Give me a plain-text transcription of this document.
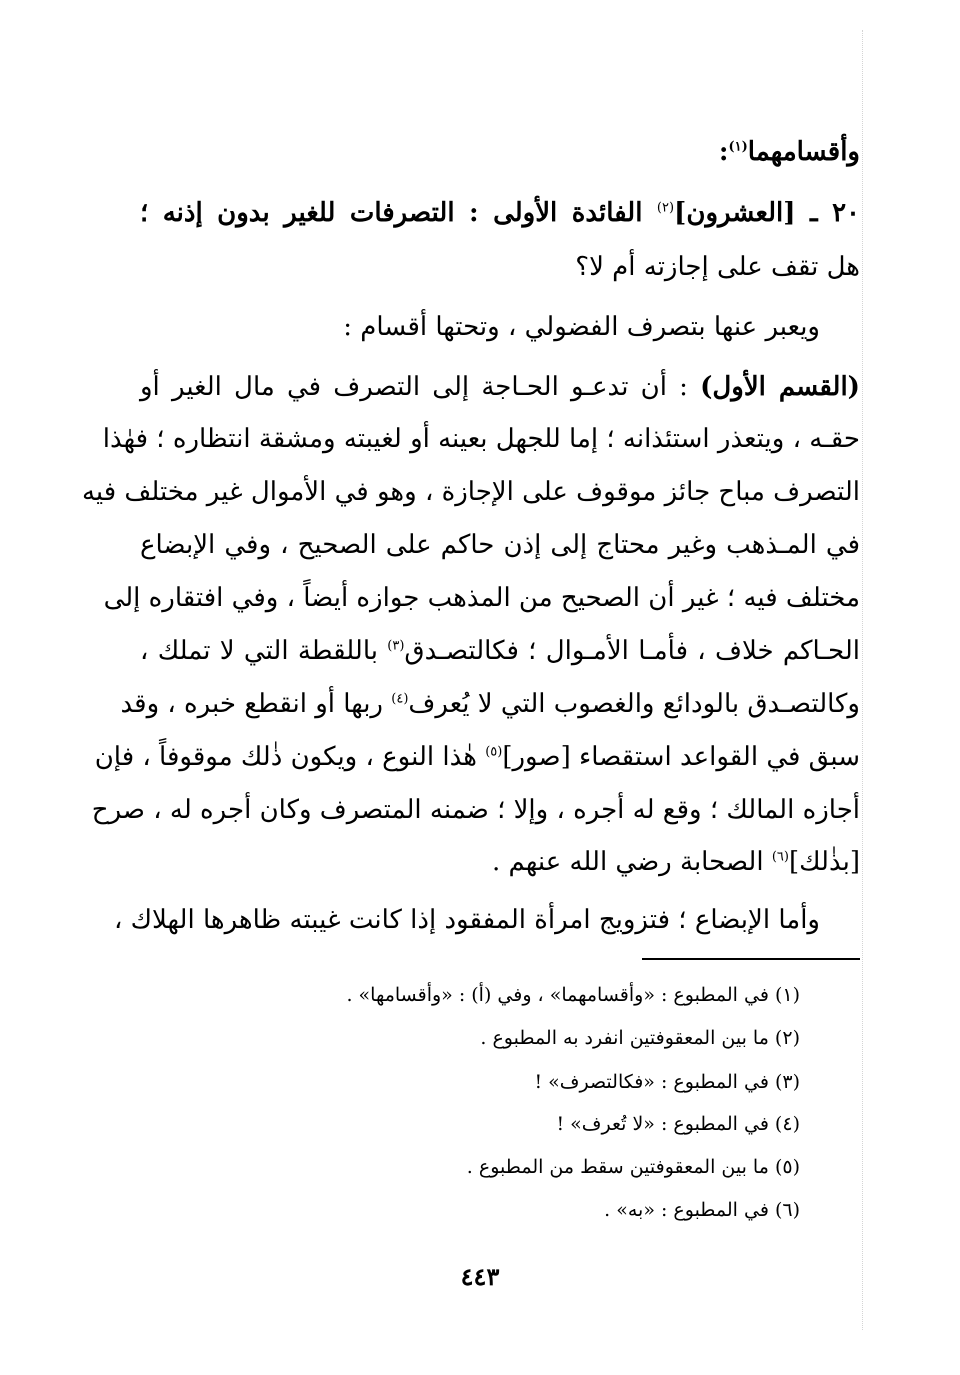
وأقسامهما$^{(١)}$:
٢٠ ـ [العشرون]$^{(٢)}$ الفائدة الأولى : التصرفات للغير بدون إذنه ؛
هل تقف على إجازته أم لا؟
ويعبر عنها بتصرف الفضولي ، وتحتها أقسام :
(القسم الأول) : أن تدعـو الحـاجة إلى التصرف في مال الغير أو
حقـه ، ويتعذر استئذانه ؛ إما للجهل بعينه أو لغيبته ومشقة انتظاره ؛ فهٰذا
التصرف مباح جائز موقوف على الإجازة ، وهو في الأموال غير مختلف فيه
في المـذهب وغير محتاج إلى إذن حاكم على الصحيح ، وفي الإبضاع
مختلف فيه ؛ غير أن الصحيح من المذهب جوازه أيضاً ، وفي افتقاره إلى
الحـاكم خلاف ، فأمـا الأمـوال ؛ فكالتصـدق$^{(٣)}$ باللقطة التي لا تملك ،
وكالتصـدق بالودائع والغصوب التي لا يُعرف$^{(٤)}$ ربها أو انقطع خبره ، وقد
سبق في القواعد استقصاء [صور]$^{(٥)}$ هٰذا النوع ، ويكون ذٰلك موقوفاً ، فإن
أجازه المالك ؛ وقع له أجره ، وإلا ؛ ضمنه المتصرف وكان أجره له ، صرح
[بذٰلك]$^{(٦)}$ الصحابة رضي الله عنهم .
وأما الإبضاع ؛ فتزويج امرأة المفقود إذا كانت غيبته ظاهرها الهلاك ،
(١) في المطبوع : «وأقسامهما» ، وفي (أ) : «وأقسامها» .
(٢) ما بين المعقوفتين انفرد به المطبوع .
(٣) في المطبوع : «فكالتصرف» !
(٤) في المطبوع : «لا تُعرف» !
(٥) ما بين المعقوفتين سقط من المطبوع .
(٦) في المطبوع : «به» .
٤٤٣
